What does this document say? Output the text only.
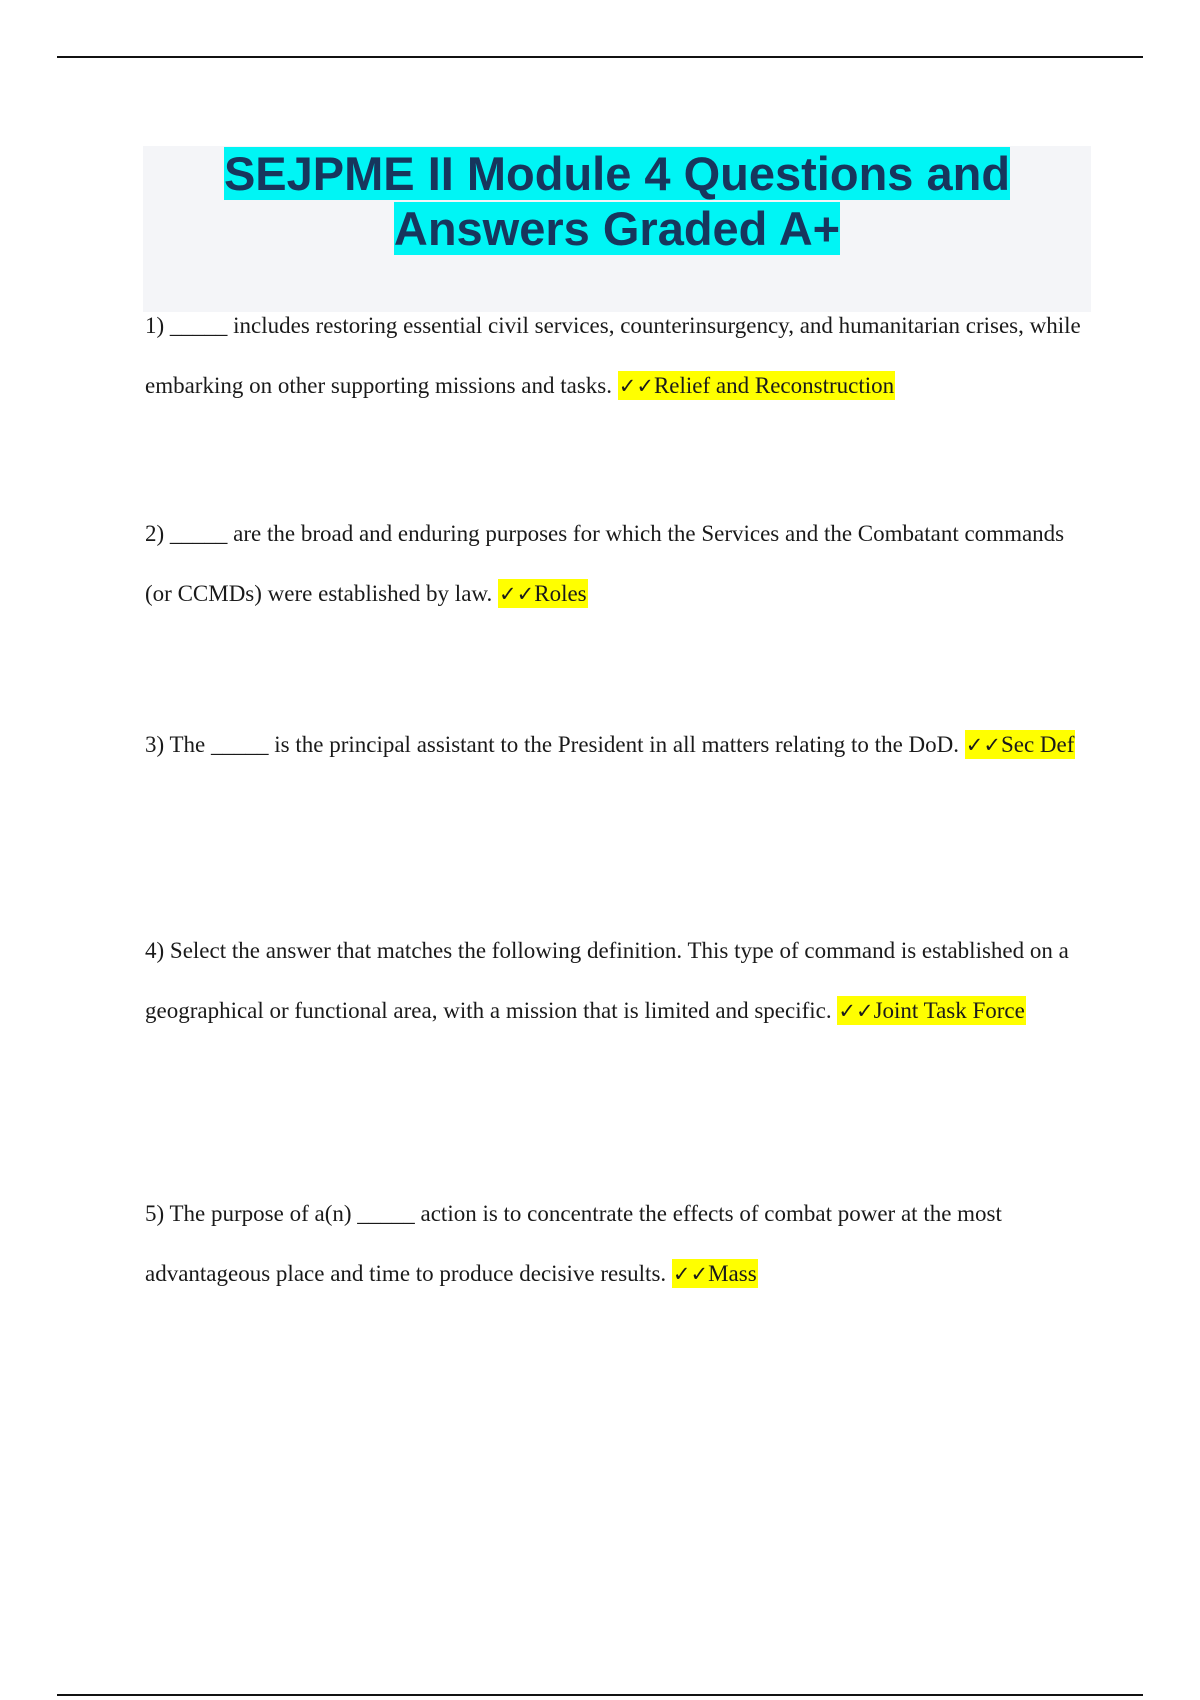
SEJPME II Module 4 Questions and
Answers Graded A+
1) _____ includes restoring essential civil services, counterinsurgency, and humanitarian crises, while embarking on other supporting missions and tasks. ✓✓Relief and Reconstruction
2) _____ are the broad and enduring purposes for which the Services and the Combatant commands (or CCMDs) were established by law. ✓✓Roles
3) The _____ is the principal assistant to the President in all matters relating to the DoD. ✓✓Sec Def
4) Select the answer that matches the following definition. This type of command is established on a geographical or functional area, with a mission that is limited and specific. ✓✓Joint Task Force
5) The purpose of a(n) _____ action is to concentrate the effects of combat power at the most advantageous place and time to produce decisive results. ✓✓Mass
